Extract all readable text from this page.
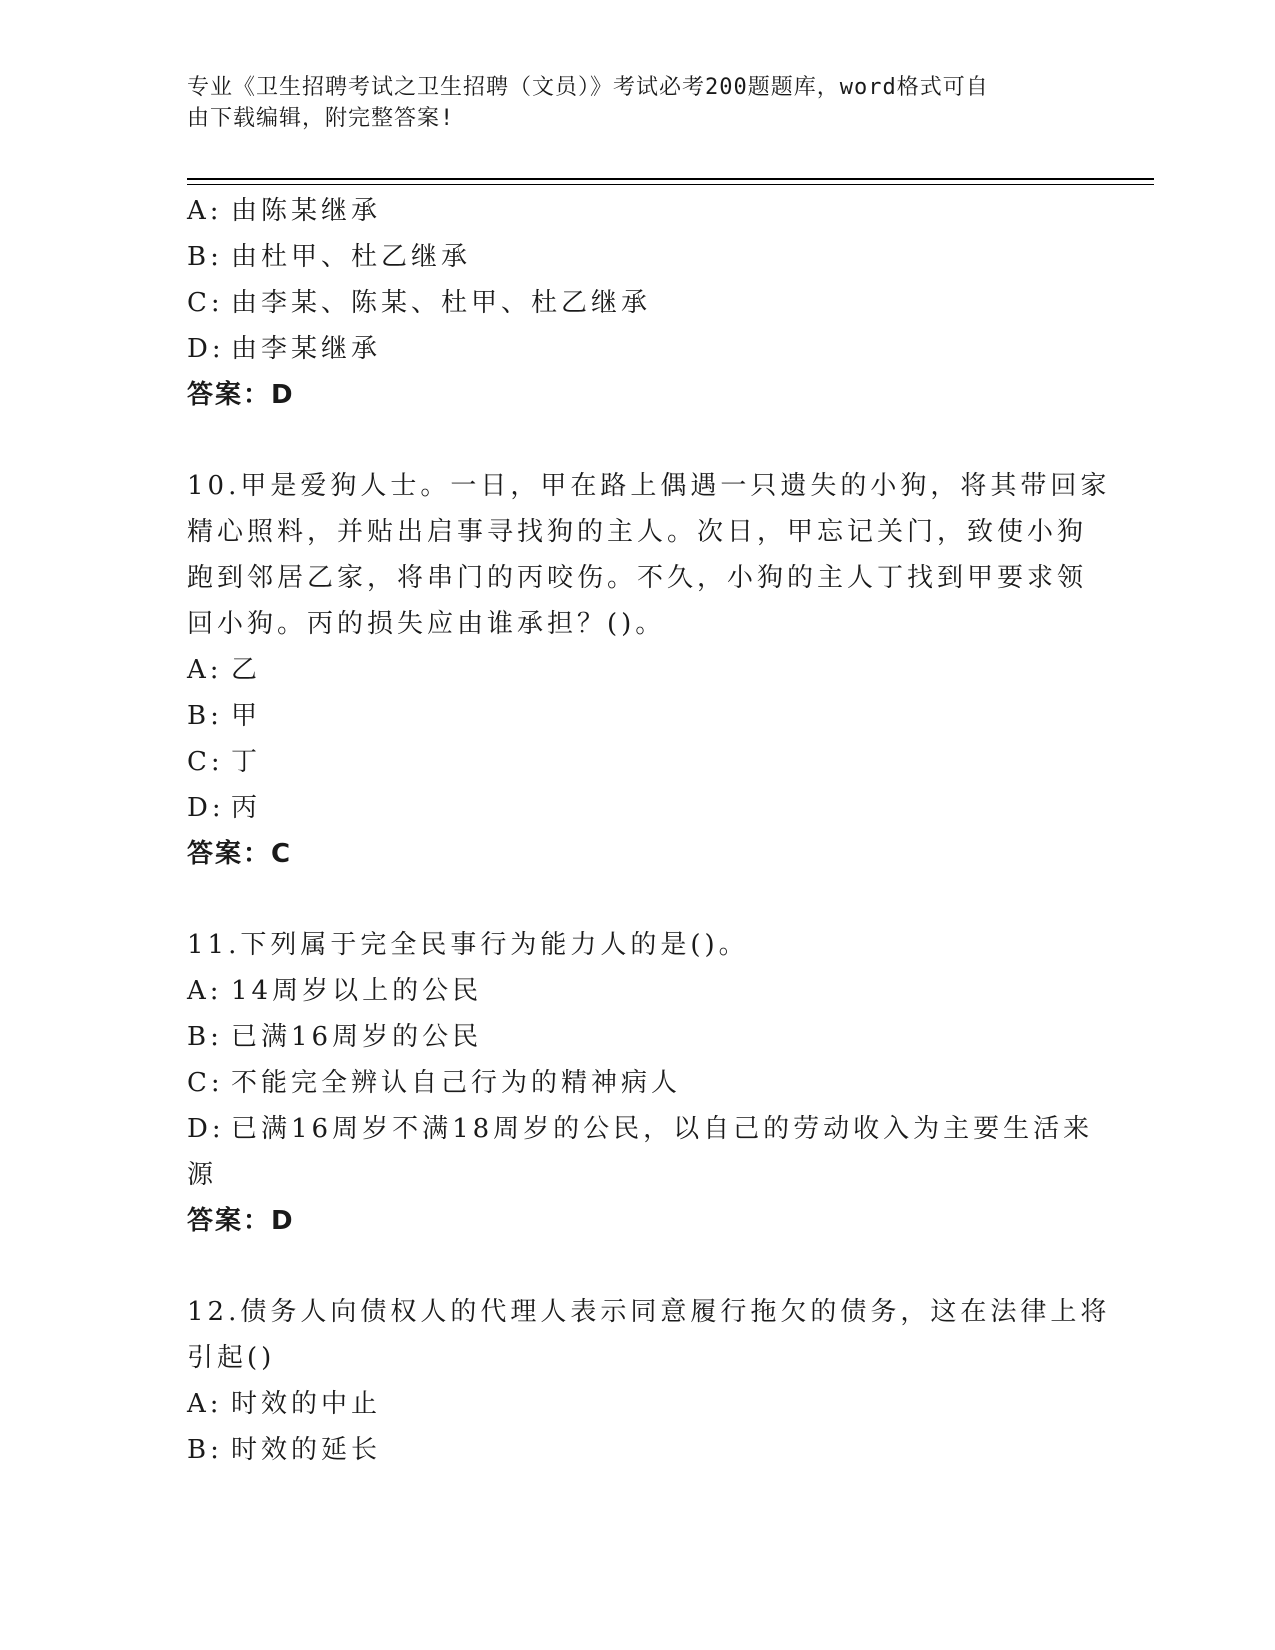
专业《卫生招聘考试之卫生招聘（文员）》考试必考200题题库，word格式可自
由下载编辑，附完整答案!
A: 由陈某继承
B: 由杜甲、杜乙继承
C: 由李某、陈某、杜甲、杜乙继承
D: 由李某继承
答案：D
10.甲是爱狗人士。一日，甲在路上偶遇一只遗失的小狗，将其带回家
精心照料，并贴出启事寻找狗的主人。次日，甲忘记关门，致使小狗
跑到邻居乙家，将串门的丙咬伤。不久，小狗的主人丁找到甲要求领
回小狗。丙的损失应由谁承担？()。
A: 乙
B: 甲
C: 丁
D: 丙
答案：C
11.下列属于完全民事行为能力人的是()。
A: 14周岁以上的公民
B: 已满16周岁的公民
C: 不能完全辨认自己行为的精神病人
D: 已满16周岁不满18周岁的公民，以自己的劳动收入为主要生活来
源
答案：D
12.债务人向债权人的代理人表示同意履行拖欠的债务，这在法律上将
引起()
A: 时效的中止
B: 时效的延长
